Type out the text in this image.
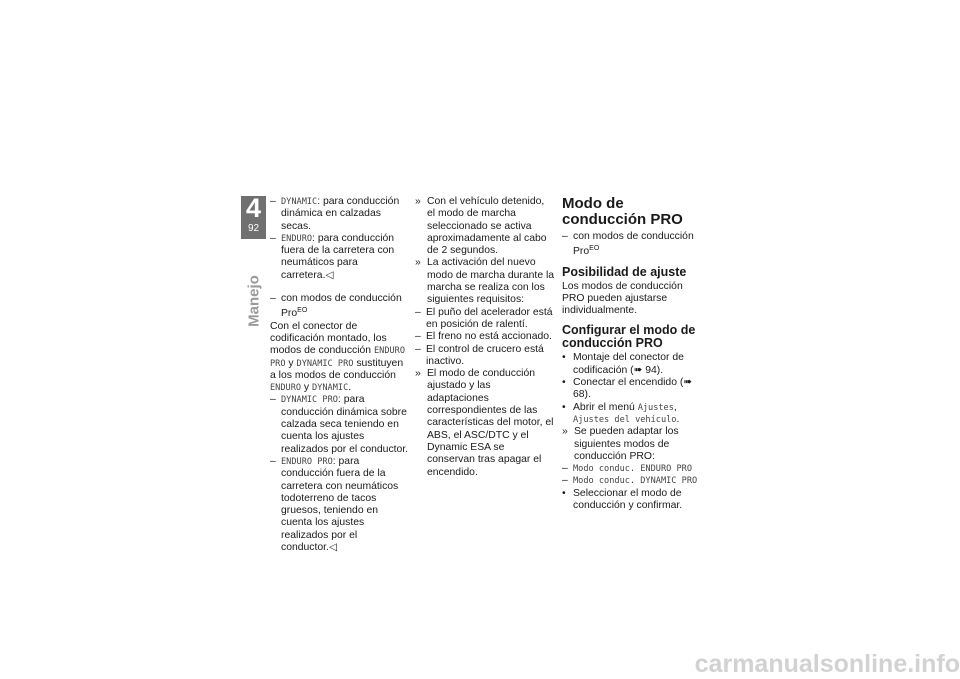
4
92
Manejo
– DYNAMIC: para conducción dinámica en calzadas secas.
– ENDURO: para conducción fuera de la carretera con neumáticos para carretera.◁
– con modos de conducción Pro$^{EO}$

Con el conector de codificación montado, los modos de conducción ENDURO PRO y DYNAMIC PRO sustituyen a los modos de conducción ENDURO y DYNAMIC.

– DYNAMIC PRO: para conducción dinámica sobre calzada seca teniendo en cuenta los ajustes realizados por el conductor.
– ENDURO PRO: para conducción fuera de la carretera con neumáticos todoterreno de tacos gruesos, teniendo en cuenta los ajustes realizados por el conductor.◁
» Con el vehículo detenido, el modo de marcha seleccionado se activa aproximadamente al cabo de 2 segundos.
» La activación del nuevo modo de marcha durante la marcha se realiza con los siguientes requisitos:
– El puño del acelerador está en posición de ralentí.
– El freno no está accionado.
– El control de crucero está inactivo.
» El modo de conducción ajustado y las adaptaciones correspondientes de las características del motor, el ABS, el ASC/DTC y el Dynamic ESA se conservan tras apagar el encendido.
Modo de conducción PRO
– con modos de conducción Pro$^{EO}$
Posibilidad de ajuste

Los modos de conducción PRO pueden ajustarse individualmente.

Configurar el modo de conducción PRO
• Montaje del conector de codificación (➠ 94).
• Conectar el encendido (➠ 68).
• Abrir el menú Ajustes, Ajustes del vehículo.
» Se pueden adaptar los siguientes modos de conducción PRO:
– Modo conduc. ENDURO PRO
– Modo conduc. DYNAMIC PRO
• Seleccionar el modo de conducción y confirmar.
carmanualsonline.info
